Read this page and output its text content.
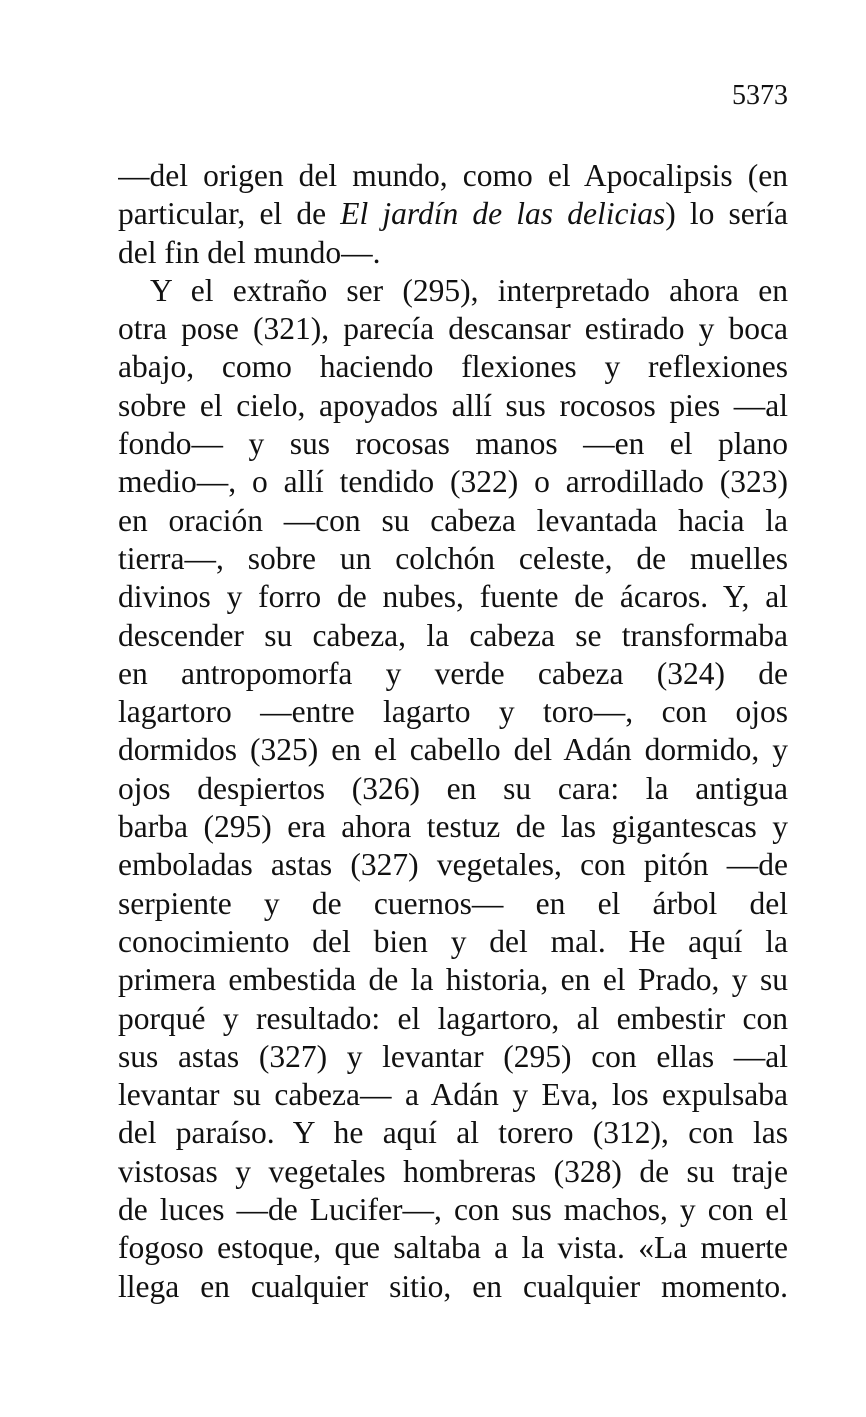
5373
—del origen del mundo, como el Apocalipsis (en
particular, el de El jardín de las delicias) lo sería
del fin del mundo—.
Y el extraño ser (295), interpretado ahora en
otra pose (321), parecía descansar estirado y boca
abajo, como haciendo flexiones y reflexiones
sobre el cielo, apoyados allí sus rocosos pies —al
fondo— y sus rocosas manos —en el plano
medio—, o allí tendido (322) o arrodillado (323)
en oración —con su cabeza levantada hacia la
tierra—, sobre un colchón celeste, de muelles
divinos y forro de nubes, fuente de ácaros. Y, al
descender su cabeza, la cabeza se transformaba
en antropomorfa y verde cabeza (324) de
lagartoro —entre lagarto y toro—, con ojos
dormidos (325) en el cabello del Adán dormido, y
ojos despiertos (326) en su cara: la antigua
barba (295) era ahora testuz de las gigantescas y
emboladas astas (327) vegetales, con pitón —de
serpiente y de cuernos— en el árbol del
conocimiento del bien y del mal. He aquí la
primera embestida de la historia, en el Prado, y su
porqué y resultado: el lagartoro, al embestir con
sus astas (327) y levantar (295) con ellas —al
levantar su cabeza— a Adán y Eva, los expulsaba
del paraíso. Y he aquí al torero (312), con las
vistosas y vegetales hombreras (328) de su traje
de luces —de Lucifer—, con sus machos, y con el
fogoso estoque, que saltaba a la vista. «La muerte
llega en cualquier sitio, en cualquier momento.
